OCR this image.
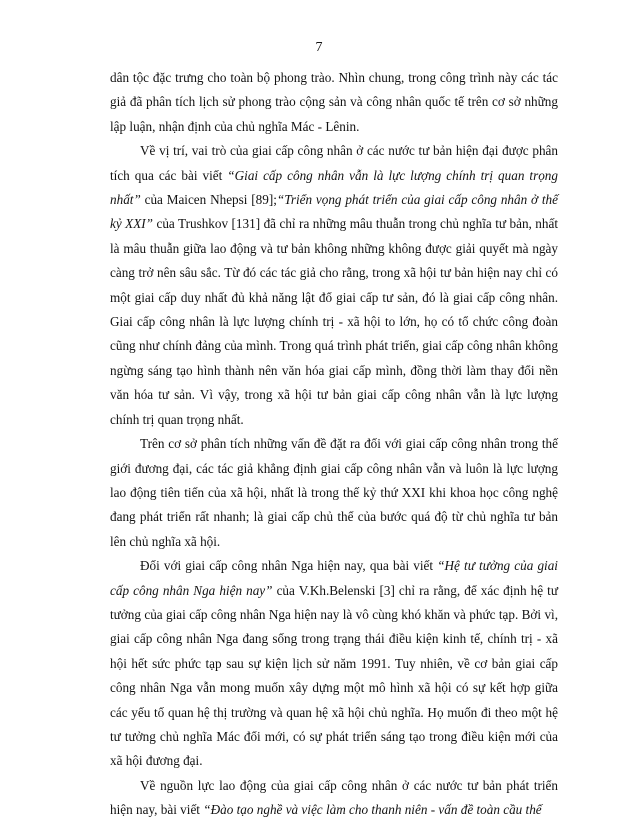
7

dân tộc đặc trưng cho toàn bộ phong trào. Nhìn chung, trong công trình này các tác giả đã phân tích lịch sử phong trào cộng sản và công nhân quốc tế trên cơ sở những lập luận, nhận định của chủ nghĩa Mác - Lênin.

Về vị trí, vai trò của giai cấp công nhân ở các nước tư bản hiện đại được phân tích qua các bài viết “Giai cấp công nhân vẫn là lực lượng chính trị quan trọng nhất” của Maicen Nhepsi [89];“Triển vọng phát triển của giai cấp công nhân ở thế kỷ XXI” của Trushkov [131] đã chỉ ra những mâu thuẫn trong chủ nghĩa tư bản, nhất là mâu thuẫn giữa lao động và tư bản không những không được giải quyết mà ngày càng trở nên sâu sắc. Từ đó các tác giả cho rằng, trong xã hội tư bản hiện nay chỉ có một giai cấp duy nhất đủ khả năng lật đổ giai cấp tư sản, đó là giai cấp công nhân. Giai cấp công nhân là lực lượng chính trị - xã hội to lớn, họ có tổ chức công đoàn cũng như chính đảng của mình. Trong quá trình phát triển, giai cấp công nhân không ngừng sáng tạo hình thành nên văn hóa giai cấp mình, đồng thời làm thay đổi nền văn hóa tư sản. Vì vậy, trong xã hội tư bản giai cấp công nhân vẫn là lực lượng chính trị quan trọng nhất.

Trên cơ sở phân tích những vấn đề đặt ra đối với giai cấp công nhân trong thế giới đương đại, các tác giả khẳng định giai cấp công nhân vẫn và luôn là lực lượng lao động tiên tiến của xã hội, nhất là trong thế kỷ thứ XXI khi khoa học công nghệ đang phát triển rất nhanh; là giai cấp chủ thể của bước quá độ từ chủ nghĩa tư bản lên chủ nghĩa xã hội.

Đối với giai cấp công nhân Nga hiện nay, qua bài viết “Hệ tư tưởng của giai cấp công nhân Nga hiện nay” của V.Kh.Belenski [3] chỉ ra rằng, để xác định hệ tư tưởng của giai cấp công nhân Nga hiện nay là vô cùng khó khăn và phức tạp. Bởi vì, giai cấp công nhân Nga đang sống trong trạng thái điều kiện kinh tế, chính trị - xã hội hết sức phức tạp sau sự kiện lịch sử năm 1991. Tuy nhiên, về cơ bản giai cấp công nhân Nga vẫn mong muốn xây dựng một mô hình xã hội có sự kết hợp giữa các yếu tố quan hệ thị trường và quan hệ xã hội chủ nghĩa. Họ muốn đi theo một hệ tư tưởng chủ nghĩa Mác đổi mới, có sự phát triển sáng tạo trong điều kiện mới của xã hội đương đại.

Về nguồn lực lao động của giai cấp công nhân ở các nước tư bản phát triển hiện nay, bài viết “Đào tạo nghề và việc làm cho thanh niên - vấn đề toàn cầu thế
